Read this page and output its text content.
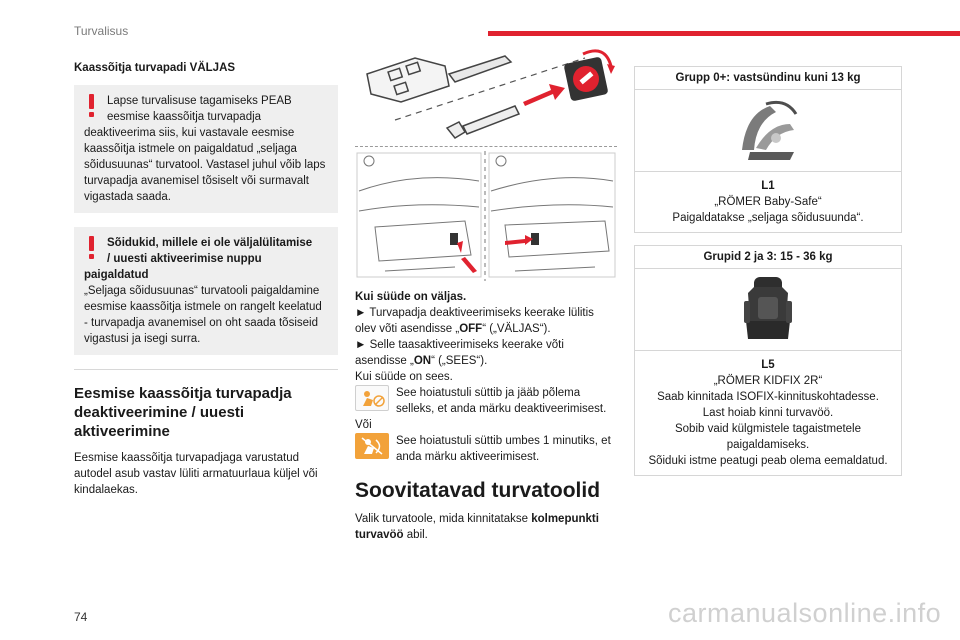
Turvalisus
Kaassõitja turvapadi VÄLJAS
Lapse turvalisuse tagamiseks PEAB
eesmise kaassõitja turvapadja
deaktiveerima siis, kui vastavale eesmise kaassõitja istmele on paigaldatud „seljaga sõidusuunas“ turvatool. Vastasel juhul võib laps turvapadja avanemisel tõsiselt või surmavalt vigastada saada.
Sõidukid, millele ei ole väljalülitamise
/ uuesti aktiveerimise nuppu
paigaldatud
„Seljaga sõidusuunas“ turvatooli paigaldamine eesmise kaassõitja istmele on rangelt keelatud - turvapadja avanemisel on oht saada tõsiseid vigastusi ja isegi surra.
Eesmise kaassõitja turvapadja deaktiveerimine / uuesti aktiveerimine
Eesmise kaassõitja turvapadjaga varustatud autodel asub vastav lüliti armatuurlaua küljel või kindalaekas.
Kui süüde on väljas.
► Turvapadja deaktiveerimiseks keerake lülitis olev võti asendisse „OFF“ („VÄLJAS“).
► Selle taasaktiveerimiseks keerake võti asendisse „ON“ („SEES“).
Kui süüde on sees.
See hoiatustuli süttib ja jääb põlema selleks, et anda märku deaktiveerimisest.
Või
See hoiatustuli süttib umbes 1 minutiks, et anda märku aktiveerimisest.
Soovitatavad turvatoolid
Valik turvatoole, mida kinnitatakse kolmepunkti turvavöö abil.
Grupp 0+: vastsündinu kuni 13 kg
L1
„RÖMER Baby-Safe“
Paigaldatakse „seljaga sõidusuunda“.
Grupid 2 ja 3: 15 - 36 kg
L5
„RÖMER KIDFIX 2R“
Saab kinnitada ISOFIX-kinnituskohtadesse.
Last hoiab kinni turvavöö.
Sobib vaid külgmistele tagaistmetele paigaldamiseks.
Sõiduki istme peatugi peab olema eemaldatud.
74	carmanualsonline.info
